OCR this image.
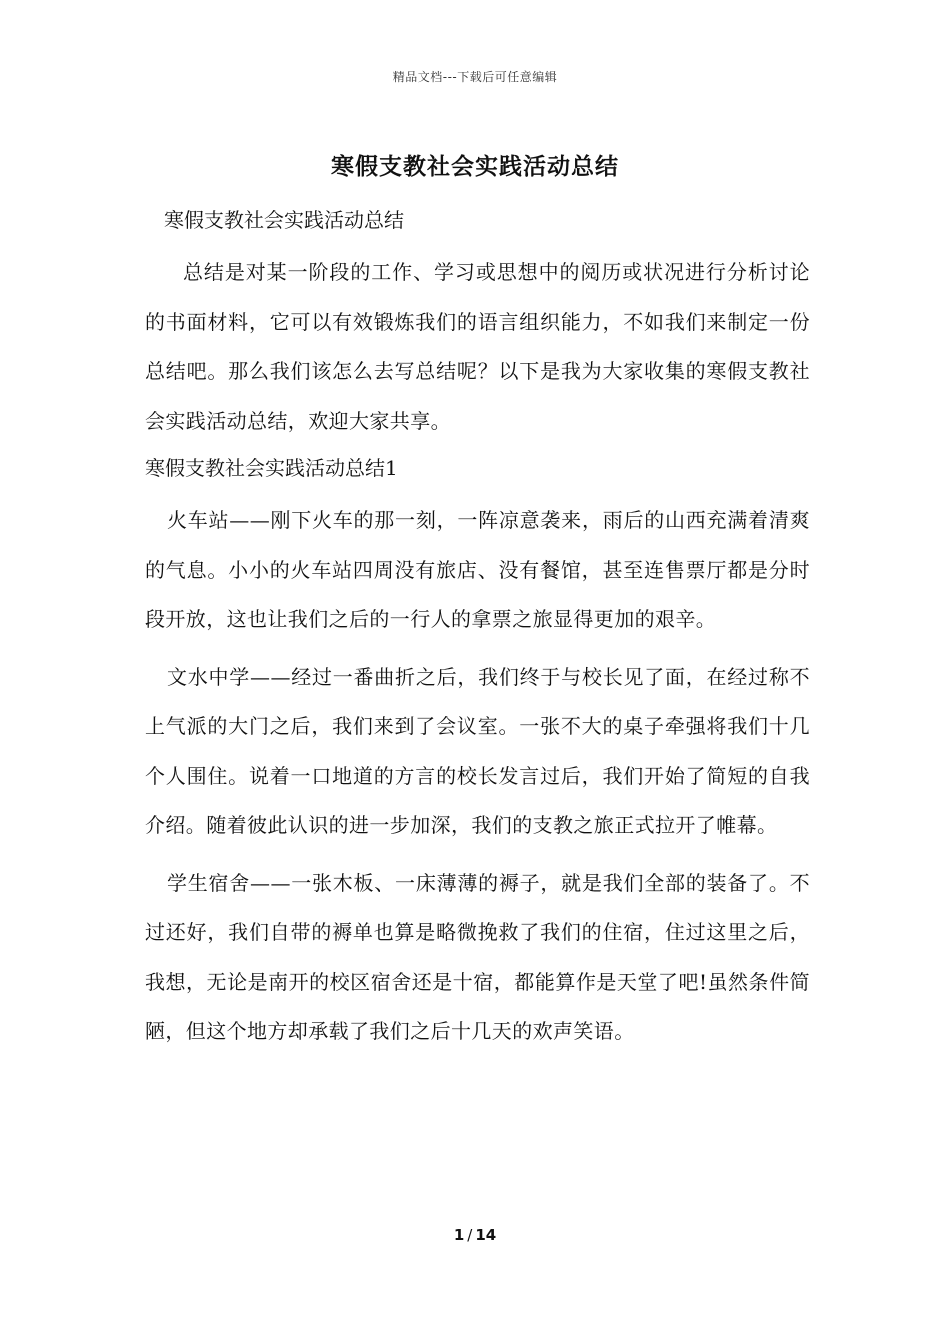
精品文档---下载后可任意编辑
寒假支教社会实践活动总结

寒假支教社会实践活动总结

总结是对某一阶段的工作、学习或思想中的阅历或状况进行分析讨论的书面材料，它可以有效锻炼我们的语言组织能力，不如我们来制定一份总结吧。那么我们该怎么去写总结呢？以下是我为大家收集的寒假支教社会实践活动总结，欢迎大家共享。

寒假支教社会实践活动总结1

火车站——刚下火车的那一刻，一阵凉意袭来，雨后的山西充满着清爽的气息。小小的火车站四周没有旅店、没有餐馆，甚至连售票厅都是分时段开放，这也让我们之后的一行人的拿票之旅显得更加的艰辛。

文水中学——经过一番曲折之后，我们终于与校长见了面，在经过称不上气派的大门之后，我们来到了会议室。一张不大的桌子牵强将我们十几个人围住。说着一口地道的方言的校长发言过后，我们开始了简短的自我介绍。随着彼此认识的进一步加深，我们的支教之旅正式拉开了帷幕。

学生宿舍——一张木板、一床薄薄的褥子，就是我们全部的装备了。不过还好，我们自带的褥单也算是略微挽救了我们的住宿，住过这里之后，我想，无论是南开的校区宿舍还是十宿，都能算作是天堂了吧!虽然条件简陋，但这个地方却承载了我们之后十几天的欢声笑语。

1 / 14
